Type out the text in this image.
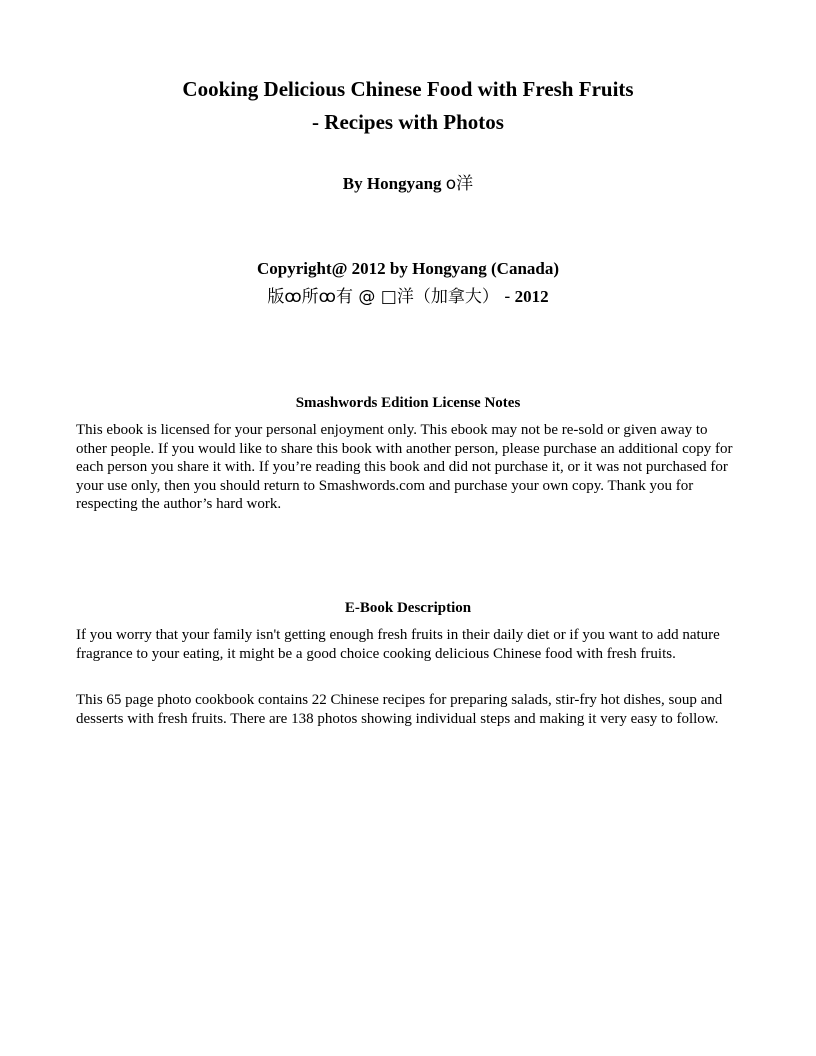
Cooking Delicious Chinese Food with Fresh Fruits
- Recipes with Photos

By Hongyang o洋

Copyright@ 2012 by Hongyang (Canada)
版ꝏ所ꝏ有 @ □洋（加拿大） - 2012
Smashwords Edition License Notes

This ebook is licensed for your personal enjoyment only. This ebook may not be re-sold or given away to other people. If you would like to share this book with another person, please purchase an additional copy for each person you share it with. If you’re reading this book and did not purchase it, or it was not purchased for your use only, then you should return to Smashwords.com and purchase your own copy. Thank you for respecting the author’s hard work.

E-Book Description

If you worry that your family isn't getting enough fresh fruits in their daily diet or if you want to add nature fragrance to your eating, it might be a good choice cooking delicious Chinese food with fresh fruits.

This 65 page photo cookbook contains 22 Chinese recipes for preparing salads, stir-fry hot dishes, soup and desserts with fresh fruits. There are 138 photos showing individual steps and making it very easy to follow.
